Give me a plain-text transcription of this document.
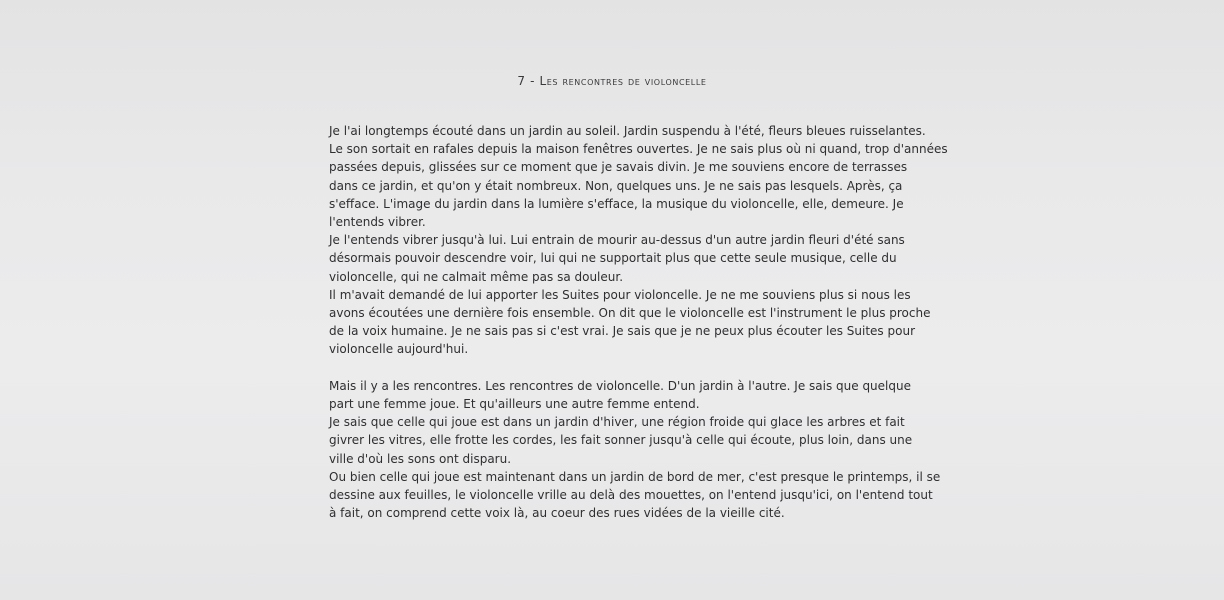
7 - Les rencontres de violoncelle
Je l'ai longtemps écouté dans un jardin au soleil. Jardin suspendu à l'été, fleurs bleues ruisselantes.
Le son sortait en rafales depuis la maison fenêtres ouvertes. Je ne sais plus où ni quand, trop d'années
passées depuis, glissées sur ce moment que je savais divin. Je me souviens encore de terrasses
dans ce jardin, et qu'on y était nombreux. Non, quelques uns. Je ne sais pas lesquels. Après, ça
s'efface. L'image du jardin dans la lumière s'efface, la musique du violoncelle, elle, demeure. Je
l'entends vibrer.
Je l'entends vibrer jusqu'à lui. Lui entrain de mourir au-dessus d'un autre jardin fleuri d'été sans
désormais pouvoir descendre voir, lui qui ne supportait plus que cette seule musique, celle du
violoncelle, qui ne calmait même pas sa douleur.
Il m'avait demandé de lui apporter les Suites pour violoncelle. Je ne me souviens plus si nous les
avons écoutées une dernière fois ensemble. On dit que le violoncelle est l'instrument le plus proche
de la voix humaine. Je ne sais pas si c'est vrai. Je sais que je ne peux plus écouter les Suites pour
violoncelle aujourd'hui.

Mais il y a les rencontres. Les rencontres de violoncelle. D'un jardin à l'autre. Je sais que quelque
part une femme joue. Et qu'ailleurs une autre femme entend.
Je sais que celle qui joue est dans un jardin d'hiver, une région froide qui glace les arbres et fait
givrer les vitres, elle frotte les cordes, les fait sonner jusqu'à celle qui écoute, plus loin, dans une
ville d'où les sons ont disparu.
Ou bien celle qui joue est maintenant dans un jardin de bord de mer, c'est presque le printemps, il se
dessine aux feuilles, le violoncelle vrille au delà des mouettes, on l'entend jusqu'ici, on l'entend tout
à fait, on comprend cette voix là, au coeur des rues vidées de la vieille cité.
